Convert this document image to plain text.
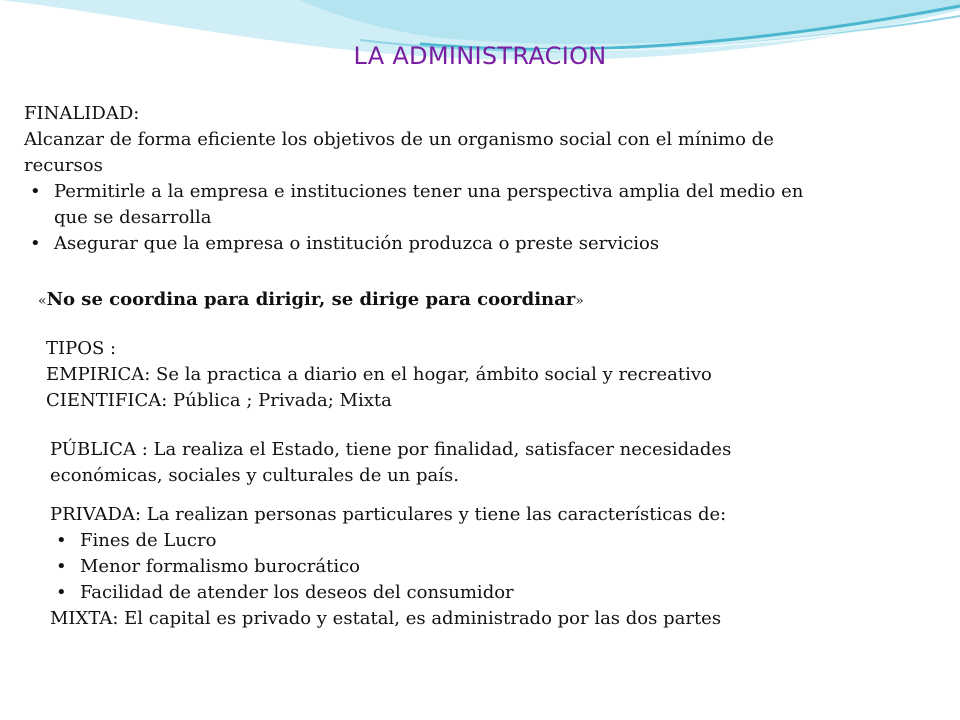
LA ADMINISTRACION

FINALIDAD:

Alcanzar de forma eficiente los objetivos de un organismo social con el mínimo de

recursos

• Permitirle a la empresa e instituciones tener una perspectiva amplia del medio en

que se desarrolla

• Asegurar que la empresa o institución produzca o preste servicios

«No se coordina para dirigir, se dirige para coordinar»

TIPOS :

EMPIRICA: Se la practica a diario en el hogar, ámbito social y recreativo

CIENTIFICA: Pública ; Privada; Mixta

PÚBLICA : La realiza el Estado, tiene por finalidad, satisfacer necesidades

económicas, sociales y culturales de un país.

PRIVADA: La realizan personas particulares y tiene las características de:

• Fines de Lucro

• Menor formalismo burocrático

• Facilidad de atender los deseos del consumidor

MIXTA: El capital es privado y estatal, es administrado por las dos partes
